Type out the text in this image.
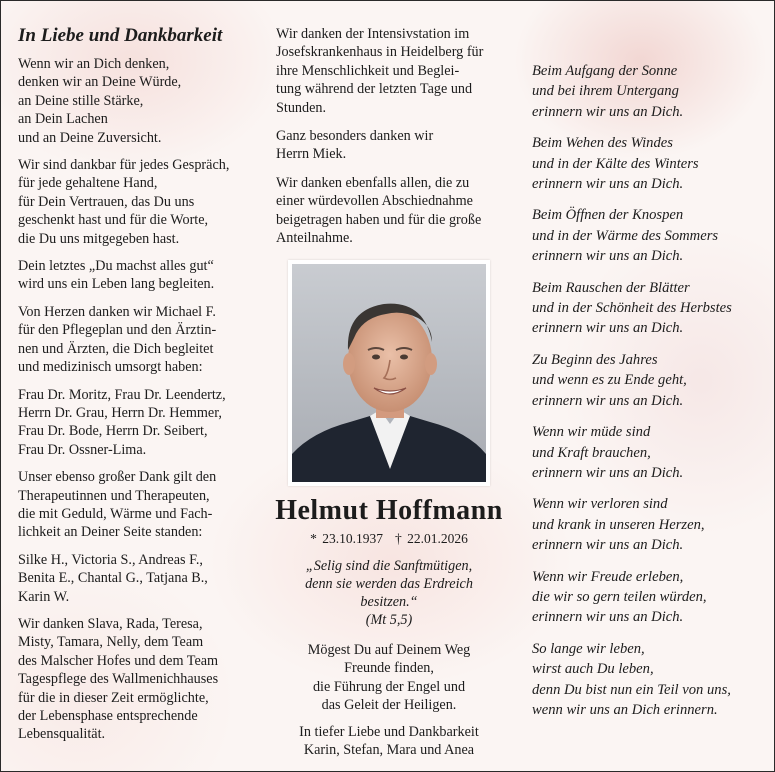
In Liebe und Dankbarkeit

Wenn wir an Dich denken,
denken wir an Deine Würde,
an Deine stille Stärke,
an Dein Lachen
und an Deine Zuversicht.

Wir sind dankbar für jedes Gespräch,
für jede gehaltene Hand,
für Dein Vertrauen, das Du uns
geschenkt hast und für die Worte,
die Du uns mitgegeben hast.

Dein letztes „Du machst alles gut“
wird uns ein Leben lang begleiten.

Von Herzen danken wir Michael F.
für den Pflegeplan und den Ärztin-
nen und Ärzten, die Dich begleitet
und medizinisch umsorgt haben:

Frau Dr. Moritz, Frau Dr. Leendertz,
Herrn Dr. Grau, Herrn Dr. Hemmer,
Frau Dr. Bode, Herrn Dr. Seibert,
Frau Dr. Ossner-Lima.

Unser ebenso großer Dank gilt den
Therapeutinnen und Therapeuten,
die mit Geduld, Wärme und Fach-
lichkeit an Deiner Seite standen:

Silke H., Victoria S., Andreas F.,
Benita E., Chantal G., Tatjana B.,
Karin W.

Wir danken Slava, Rada, Teresa,
Misty, Tamara, Nelly, dem Team
des Malscher Hofes und dem Team
Tagespflege des Wallmenichhauses
für die in dieser Zeit ermöglichte,
der Lebensphase entsprechende
Lebensqualität.

Wir danken der Intensivstation im
Josefskrankenhaus in Heidelberg für
ihre Menschlichkeit und Beglei-
tung während der letzten Tage und
Stunden.

Ganz besonders danken wir
Herrn Miek.

Wir danken ebenfalls allen, die zu
einer würdevollen Abschiednahme
beigetragen haben und für die große
Anteilnahme.

Helmut Hoffmann
* 23.10.1937 † 22.01.2026
„Selig sind die Sanftmütigen,
denn sie werden das Erdreich
besitzen.“
(Mt 5,5)

Mögest Du auf Deinem Weg
Freunde finden,
die Führung der Engel und
das Geleit der Heiligen.

In tiefer Liebe und Dankbarkeit
Karin, Stefan, Mara und Anea

Beim Aufgang der Sonne
und bei ihrem Untergang
erinnern wir uns an Dich.

Beim Wehen des Windes
und in der Kälte des Winters
erinnern wir uns an Dich.

Beim Öffnen der Knospen
und in der Wärme des Sommers
erinnern wir uns an Dich.

Beim Rauschen der Blätter
und in der Schönheit des Herbstes
erinnern wir uns an Dich.

Zu Beginn des Jahres
und wenn es zu Ende geht,
erinnern wir uns an Dich.

Wenn wir müde sind
und Kraft brauchen,
erinnern wir uns an Dich.

Wenn wir verloren sind
und krank in unseren Herzen,
erinnern wir uns an Dich.

Wenn wir Freude erleben,
die wir so gern teilen würden,
erinnern wir uns an Dich.

So lange wir leben,
wirst auch Du leben,
denn Du bist nun ein Teil von uns,
wenn wir uns an Dich erinnern.
